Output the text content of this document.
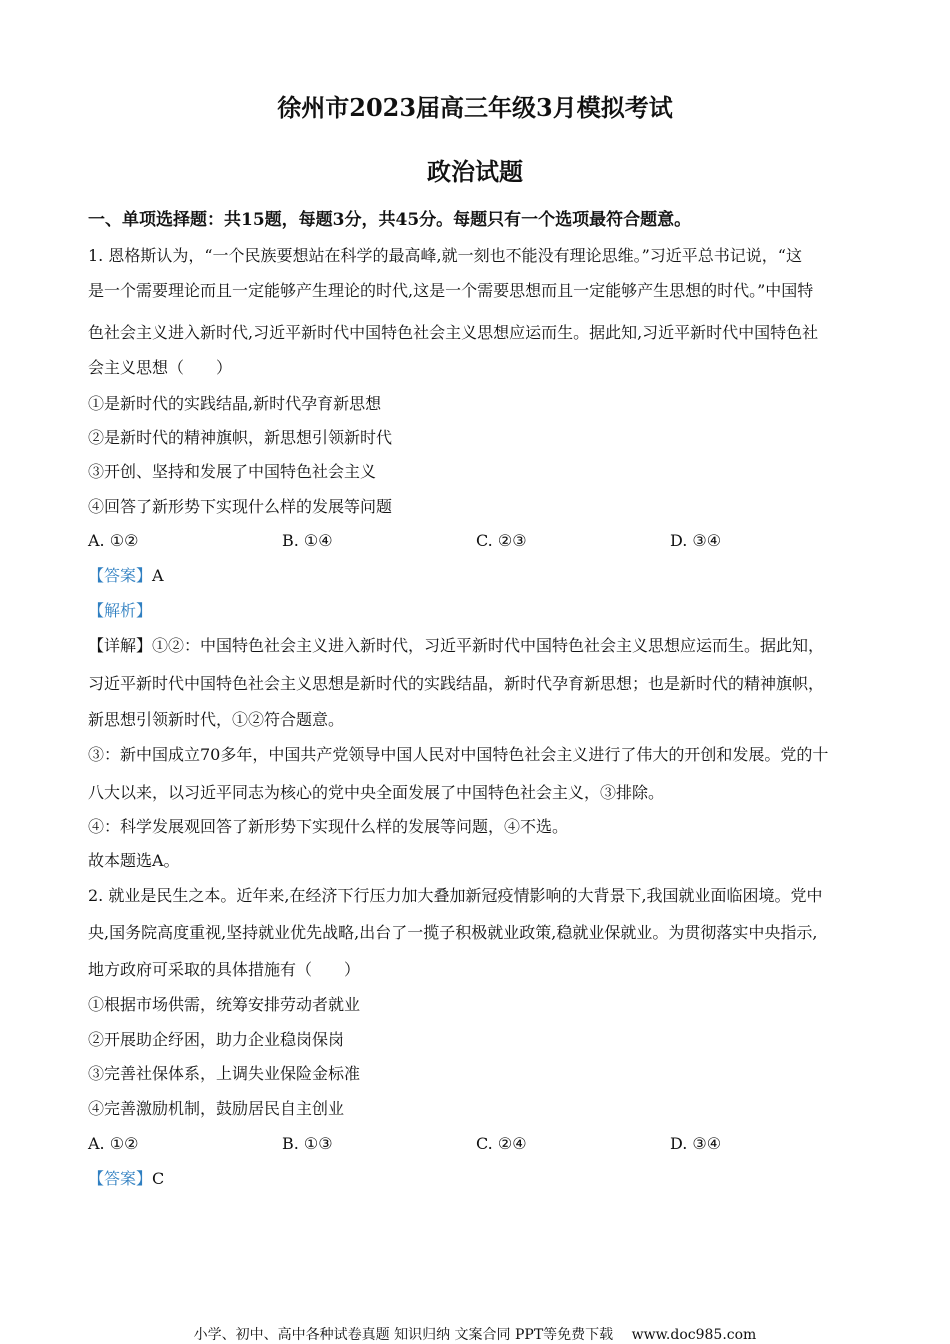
徐州市2023届高三年级3月模拟考试
政治试题
一、单项选择题：共15题，每题3分，共45分。每题只有一个选项最符合题意。
1. 恩格斯认为，“一个民族要想站在科学的最高峰,就一刻也不能没有理论思维。”习近平总书记说，“这
是一个需要理论而且一定能够产生理论的时代,这是一个需要思想而且一定能够产生思想的时代。”中国特
色社会主义进入新时代,习近平新时代中国特色社会主义思想应运而生。据此知,习近平新时代中国特色社
会主义思想（　　）
①是新时代的实践结晶,新时代孕育新思想
②是新时代的精神旗帜，新思想引领新时代
③开创、坚持和发展了中国特色社会主义
④回答了新形势下实现什么样的发展等问题
A. ①②	B. ①④	C. ②③	D. ③④
【答案】A
【解析】
【详解】①②：中国特色社会主义进入新时代，习近平新时代中国特色社会主义思想应运而生。据此知，
习近平新时代中国特色社会主义思想是新时代的实践结晶，新时代孕育新思想；也是新时代的精神旗帜，
新思想引领新时代，①②符合题意。
③：新中国成立70多年，中国共产党领导中国人民对中国特色社会主义进行了伟大的开创和发展。党的十
八大以来，以习近平同志为核心的党中央全面发展了中国特色社会主义，③排除。
④：科学发展观回答了新形势下实现什么样的发展等问题，④不选。
故本题选A。
2. 就业是民生之本。近年来,在经济下行压力加大叠加新冠疫情影响的大背景下,我国就业面临困境。党中
央,国务院高度重视,坚持就业优先战略,出台了一揽子积极就业政策,稳就业保就业。为贯彻落实中央指示,
地方政府可采取的具体措施有（　　）
①根据市场供需，统筹安排劳动者就业
②开展助企纾困，助力企业稳岗保岗
③完善社保体系，上调失业保险金标准
④完善激励机制，鼓励居民自主创业
A. ①②	B. ①③	C. ②④	D. ③④
【答案】C
小学、初中、高中各种试卷真题 知识归纳 文案合同 PPT等免费下载　 www.doc985.com
